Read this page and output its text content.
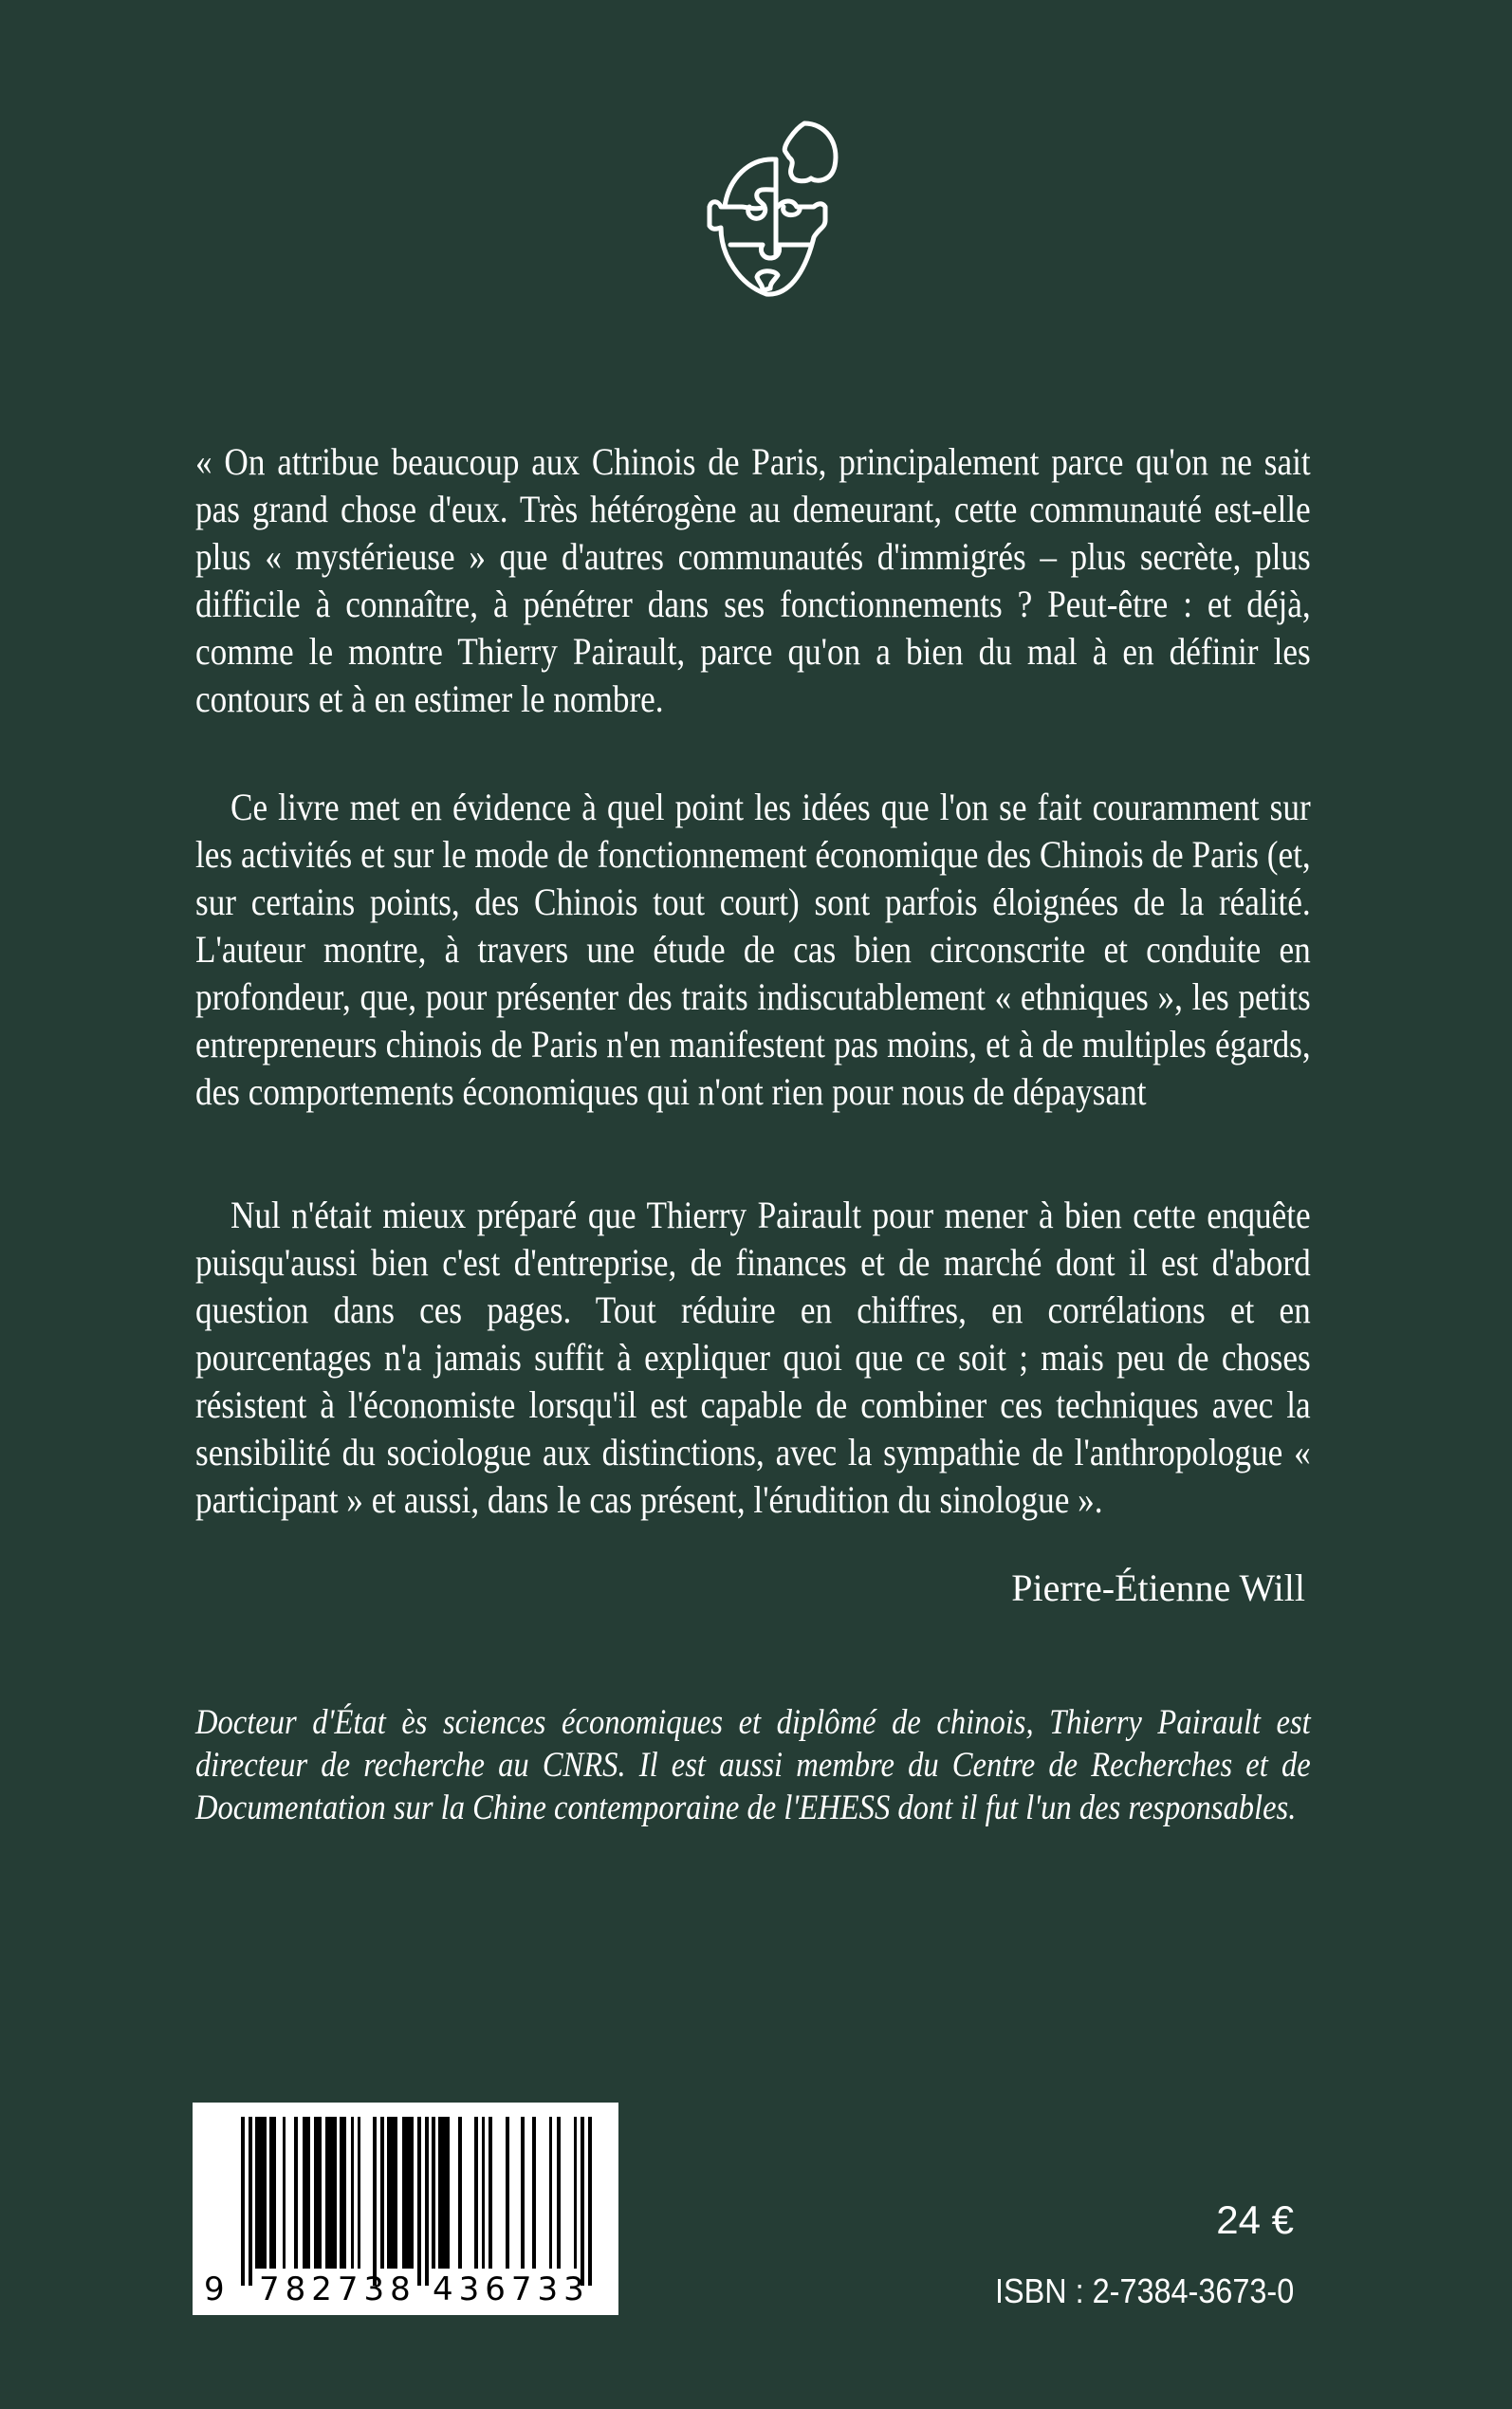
« On attribue beaucoup aux Chinois de Paris, principalement parce qu'on ne sait pas grand chose d'eux. Très hétérogène au demeurant, cette communauté est-elle plus « mystérieuse » que d'autres communautés d'immigrés – plus secrète, plus difficile à connaître, à pénétrer dans ses fonctionnements ? Peut-être : et déjà, comme le montre Thierry Pairault, parce qu'on a bien du mal à en définir les contours et à en estimer le nombre.
Ce livre met en évidence à quel point les idées que l'on se fait couramment sur les activités et sur le mode de fonctionnement économique des Chinois de Paris (et, sur certains points, des Chinois tout court) sont parfois éloignées de la réalité. L'auteur montre, à travers une étude de cas bien circonscrite et conduite en profondeur, que, pour présenter des traits indiscutablement « ethniques », les petits entrepreneurs chinois de Paris n'en manifestent pas moins, et à de multiples égards, des comportements économiques qui n'ont rien pour nous de dépaysant
Nul n'était mieux préparé que Thierry Pairault pour mener à bien cette enquête puisqu'aussi bien c'est d'entreprise, de finances et de marché dont il est d'abord question dans ces pages. Tout réduire en chiffres, en corrélations et en pourcentages n'a jamais suffit à expliquer quoi que ce soit ; mais peu de choses résistent à l'économiste lorsqu'il est capable de combiner ces techniques avec la sensibilité du sociologue aux distinctions, avec la sympathie de l'anthropologue « participant » et aussi, dans le cas présent, l'érudition du sinologue ».
Pierre-Étienne Will
Docteur d'État ès sciences économiques et diplômé de chinois, Thierry Pairault est directeur de recherche au CNRS. Il est aussi membre du Centre de Recherches et de Documentation sur la Chine contemporaine de l'EHESS dont il fut l'un des responsables.
9 782738 436733
24 €
ISBN : 2-7384-3673-0
